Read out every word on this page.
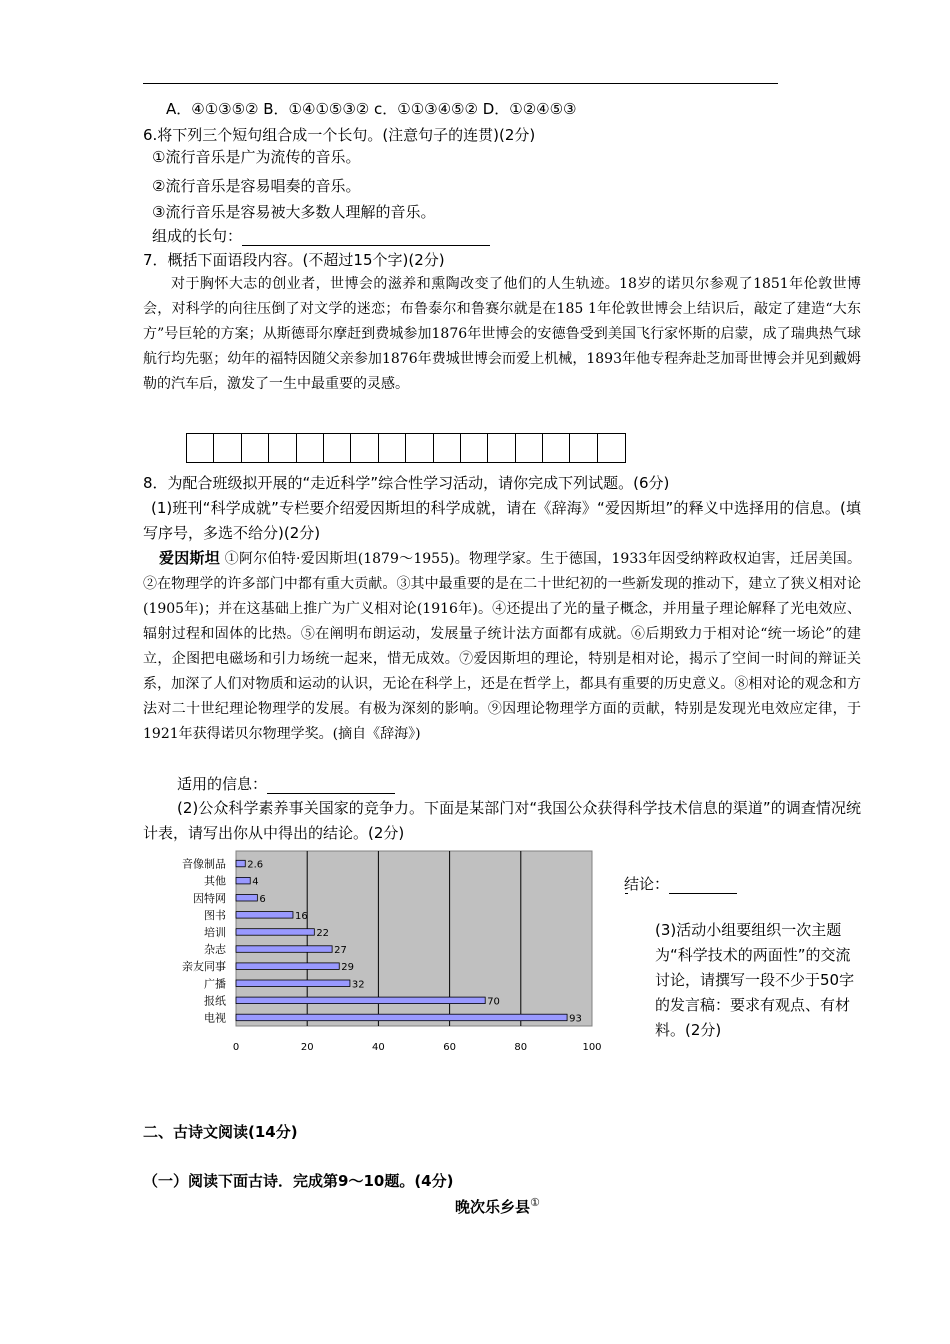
A．④①③⑤② B．①④①⑤③② c．①①③④⑤② D．①②④⑤③
6.将下列三个短句组合成一个长句。(注意句子的连贯)(2分)
①流行音乐是广为流传的音乐。
②流行音乐是容易唱奏的音乐。
③流行音乐是容易被大多数人理解的音乐。
组成的长句：
7．概括下面语段内容。(不超过15个字)(2分)
对于胸怀大志的创业者，世博会的滋养和熏陶改变了他们的人生轨迹。18岁的诺贝尔参观了1851年伦敦世博会，对科学的向往压倒了对文学的迷恋；布鲁泰尔和鲁赛尔就是在185 1年伦敦世博会上结识后，敲定了建造“大东方”号巨轮的方案；从斯德哥尔摩赶到费城参加1876年世博会的安德鲁受到美国飞行家怀斯的启蒙，成了瑞典热气球航行均先驱；幼年的福特因随父亲参加1876年费城世博会而爱上机械，1893年他专程奔赴芝加哥世博会并见到戴姆勒的汽车后，激发了一生中最重要的灵感。
8．为配合班级拟开展的“走近科学”综合性学习活动，请你完成下列试题。(6分)
(1)班刊“科学成就”专栏要介绍爱因斯坦的科学成就，请在《辞海》“爱因斯坦”的释义中选择用的信息。(填写序号，多选不给分)(2分)
爱因斯坦 ①阿尔伯特·爱因斯坦(1879～1955)。物理学家。生于德国，1933年因受纳粹政权迫害，迁居美国。②在物理学的许多部门中都有重大贡献。③其中最重要的是在二十世纪初的一些新发现的推动下，建立了狭义相对论(1905年)；并在这基础上推广为广义相对论(1916年)。④还提出了光的量子概念，并用量子理论解释了光电效应、辐射过程和固体的比热。⑤在阐明布朗运动，发展量子统计法方面都有成就。⑥后期致力于相对论“统一场论”的建立，企图把电磁场和引力场统一起来，惜无成效。⑦爱因斯坦的理论，特别是相对论，揭示了空间一时间的辩证关系，加深了人们对物质和运动的认识，无论在科学上，还是在哲学上，都具有重要的历史意义。⑧相对论的观念和方法对二十世纪理论物理学的发展。有极为深刻的影响。⑨因理论物理学方面的贡献，特别是发现光电效应定律，于1921年获得诺贝尔物理学奖。(摘自《辞海》)
适用的信息：
(2)公众科学素养事关国家的竞争力。下面是某部门对“我国公众获得科学技术信息的渠道”的调查情况统计表，请写出你从中得出的结论。(2分)
0	20	40	60	80	100
音像制品 2.6
其他	4
因特网	6
图书	16
培训	22
杂志	27
亲友同事	29
广播	32
报纸	70
电视	93
结论：
(3)活动小组要组织一次主题为“科学技术的两面性”的交流讨论，请撰写一段不少于50字的发言稿：要求有观点、有材料。(2分)
二、古诗文阅读(14分)
（一）阅读下面古诗．完成第9～10题。(4分)
晚次乐乡县①
